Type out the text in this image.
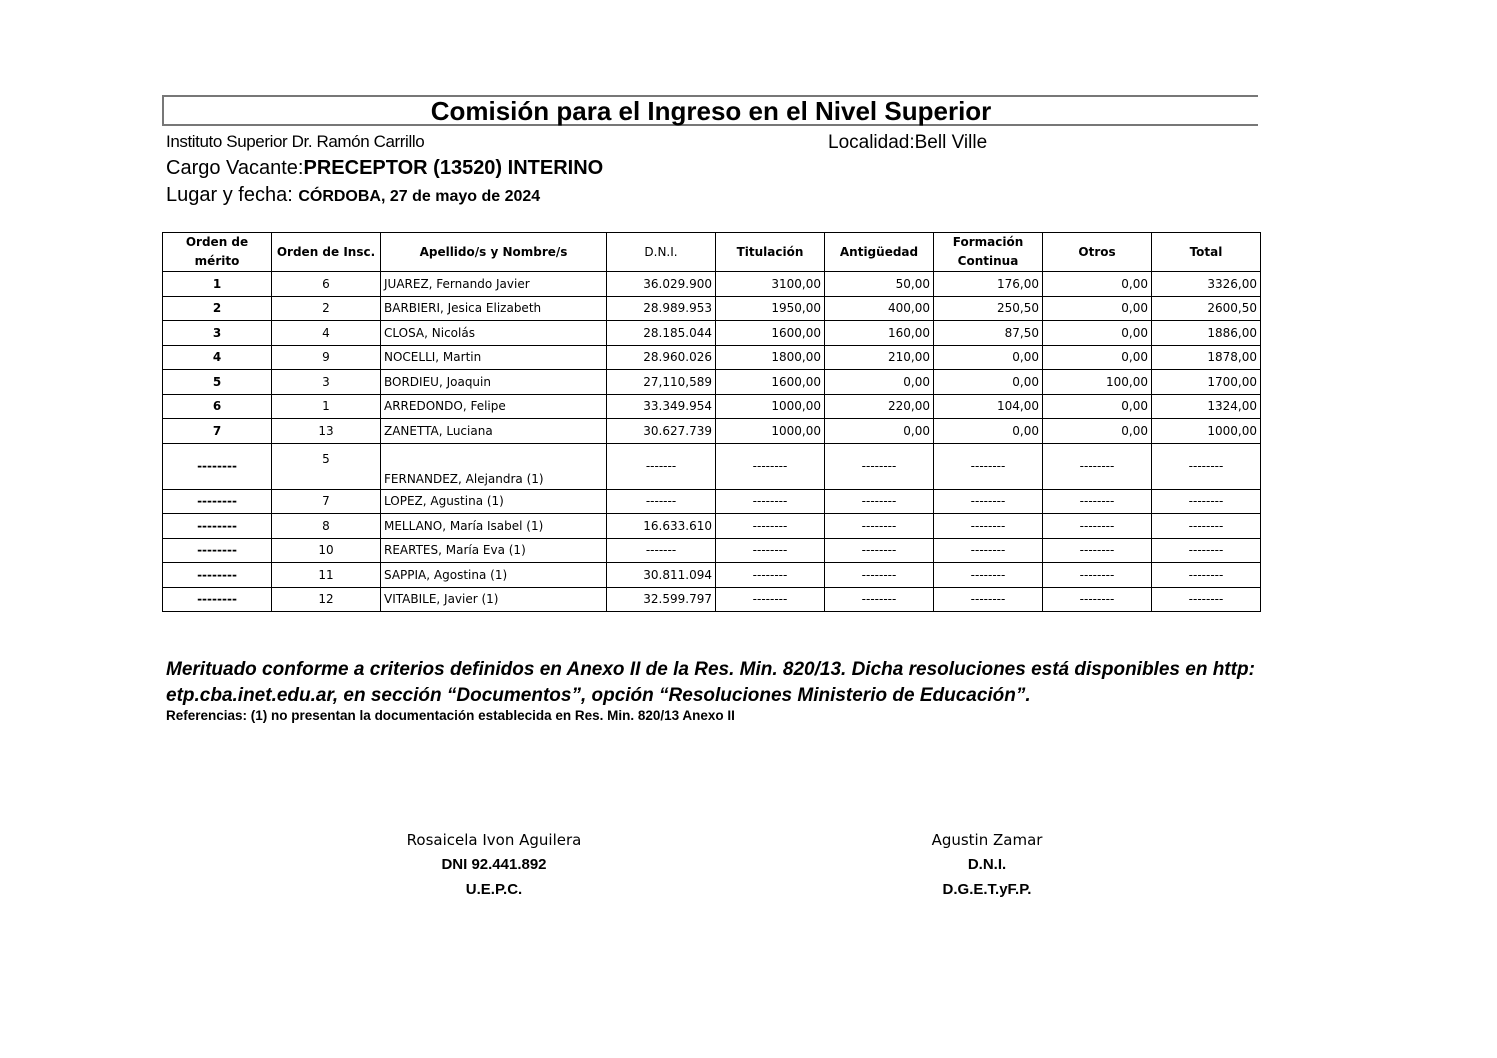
Comisión para el Ingreso en el Nivel Superior
Instituto Superior Dr. Ramón Carrillo	Localidad:Bell Ville
Cargo Vacante:PRECEPTOR (13520) INTERINO
Lugar y fecha: CÓRDOBA, 27 de mayo de 2024
Orden de mérito	Orden de Insc.	Apellido/s y Nombre/s	D.N.I.	Titulación	Antigüedad	Formación Continua	Otros	Total
1	6	JUAREZ, Fernando Javier	36.029.900	3100,00	50,00	176,00	0,00	3326,00
2	2	BARBIERI, Jesica Elizabeth	28.989.953	1950,00	400,00	250,50	0,00	2600,50
3	4	CLOSA, Nicolás	28.185.044	1600,00	160,00	87,50	0,00	1886,00
4	9	NOCELLI, Martin	28.960.026	1800,00	210,00	0,00	0,00	1878,00
5	3	BORDIEU, Joaquin	27,110,589	1600,00	0,00	0,00	100,00	1700,00
6	1	ARREDONDO, Felipe	33.349.954	1000,00	220,00	104,00	0,00	1324,00
7	13	ZANETTA, Luciana	30.627.739	1000,00	0,00	0,00	0,00	1000,00
--------	5	FERNANDEZ, Alejandra (1)	-------	--------	--------	--------	--------	--------
--------	7	LOPEZ, Agustina (1)	-------	--------	--------	--------	--------	--------
--------	8	MELLANO, María Isabel (1)	16.633.610	--------	--------	--------	--------	--------
--------	10	REARTES, María Eva (1)	-------	--------	--------	--------	--------	--------
--------	11	SAPPIA, Agostina (1)	30.811.094	--------	--------	--------	--------	--------
--------	12	VITABILE, Javier (1)	32.599.797	--------	--------	--------	--------	--------
Merituado conforme a criterios definidos en Anexo II de la Res. Min. 820/13. Dicha resoluciones está disponibles en http: etp.cba.inet.edu.ar, en sección “Documentos”, opción “Resoluciones Ministerio de Educación”.
Referencias: (1) no presentan la documentación establecida en Res. Min. 820/13 Anexo II
Rosaicela Ivon Aguilera
DNI 92.441.892
U.E.P.C.
Agustin Zamar
D.N.I.
D.G.E.T.yF.P.
